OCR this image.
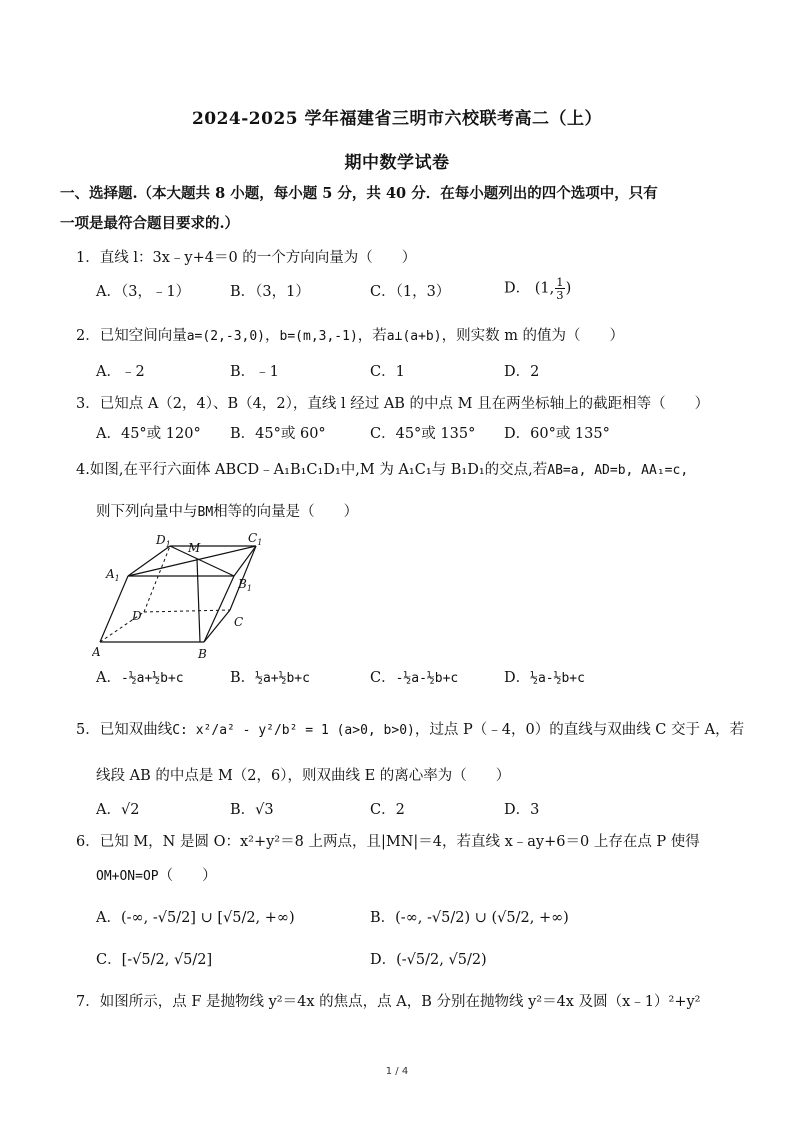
2024-2025 学年福建省三明市六校联考高二（上）
期中数学试卷
一、选择题.（本大题共 8 小题，每小题 5 分，共 40 分．在每小题列出的四个选项中，只有
一项是最符合题目要求的.）
1．直线 l：3x﹣y+4＝0 的一个方向向量为（　　）
A．（3，﹣1）	B．（3，1）	C．（1，3）	D． (1, $\frac{1}{3}$ )
2．已知空间向量a=(2,-3,0)，b=(m,3,-1)，若a⊥(a+b)，则实数 m 的值为（　　）
A．﹣2	B．﹣1	C．1	D．2
3．已知点 A（2，4）、B（4，2），直线 l 经过 AB 的中点 M 且在两坐标轴上的截距相等（　　）
A．45°或 120° B．45°或 60°	C．45°或 135° D．60°或 135°
4.如图,在平行六面体 ABCD﹣A₁B₁C₁D₁中,M 为 A₁C₁与 B₁D₁的交点,若AB=a, AD=b, AA₁=c,
则下列向量中与BM相等的向量是（　　）
$D_1$ M
$C_1$
$A_1$	$B_1$
D	C
A	B
A．-½a+½b+c	B．½a+½b+c	C．-½a-½b+c	D．½a-½b+c
5．已知双曲线C: x²/a² - y²/b² = 1 (a>0, b>0)，过点 P（﹣4，0）的直线与双曲线 C 交于 A，若
线段 AB 的中点是 M（2，6），则双曲线 E 的离心率为（　　）
A．√2	B．√3	C．2	D．3
6．已知 M，N 是圆 O：x²+y²＝8 上两点，且|MN|＝4，若直线 x﹣ay+6＝0 上存在点 P 使得
OM+ON=OP（　　）
A．(-∞, -√5/2] ∪ [√5/2, +∞)	B．(-∞, -√5/2) ∪ (√5/2, +∞)
C．[-√5/2, √5/2]	D．(-√5/2, √5/2)
7．如图所示，点 F 是抛物线 y²＝4x 的焦点，点 A，B 分别在抛物线 y²＝4x 及圆（x﹣1）²+y²
1 / 4
